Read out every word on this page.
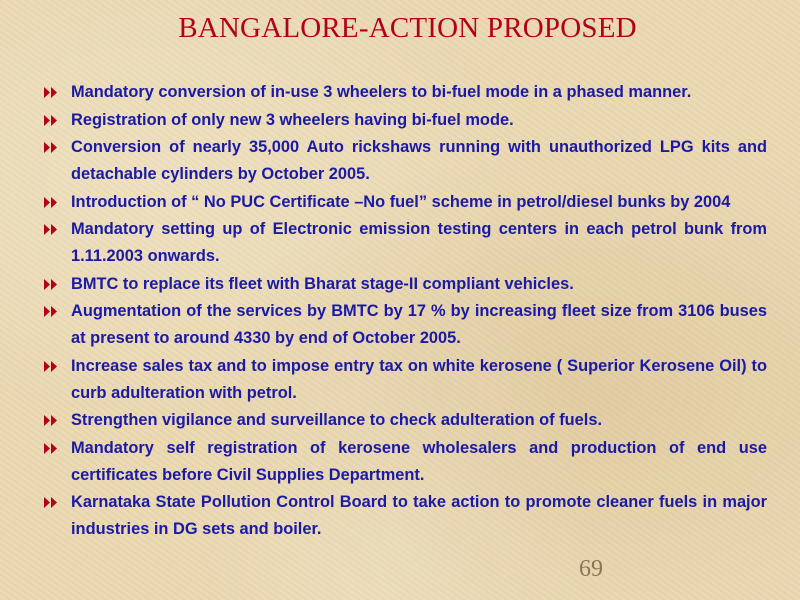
BANGALORE-ACTION PROPOSED
Mandatory conversion of in-use 3 wheelers to bi-fuel mode in a phased manner.
Registration of only new 3 wheelers having bi-fuel mode.
Conversion of nearly 35,000 Auto rickshaws running with unauthorized LPG kits and detachable cylinders by October 2005.
Introduction of “ No PUC Certificate –No fuel” scheme in petrol/diesel bunks by 2004
Mandatory setting up of Electronic emission testing centers in each petrol bunk from 1.11.2003 onwards.
BMTC to replace its fleet with Bharat stage-II compliant vehicles.
Augmentation of the services by BMTC by 17 % by increasing fleet size from 3106 buses at present to around 4330 by end of October 2005.
Increase sales tax and to impose entry tax on white kerosene ( Superior Kerosene Oil) to curb adulteration with petrol.
Strengthen vigilance and surveillance to check adulteration of fuels.
Mandatory self registration of kerosene wholesalers and production of end use certificates before Civil Supplies Department.
Karnataka State Pollution Control Board to take action to promote cleaner fuels in major industries in DG sets and boiler.
69
